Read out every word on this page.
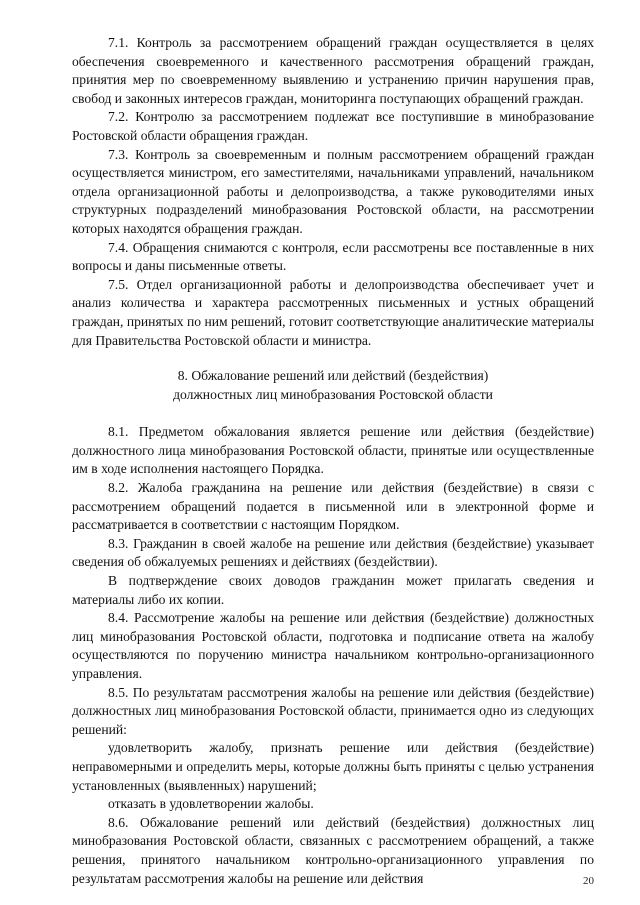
7.1. Контроль за рассмотрением обращений граждан осуществляется в целях обеспечения своевременного и качественного рассмотрения обращений граждан, принятия мер по своевременному выявлению и устранению причин нарушения прав, свобод и законных интересов граждан, мониторинга поступающих обращений граждан.

7.2. Контролю за рассмотрением подлежат все поступившие в минобразование Ростовской области обращения граждан.

7.3. Контроль за своевременным и полным рассмотрением обращений граждан осуществляется министром, его заместителями, начальниками управлений, начальником отдела организационной работы и делопроизводства, а также руководителями иных структурных подразделений минобразования Ростовской области, на рассмотрении которых находятся обращения граждан.

7.4. Обращения снимаются с контроля, если рассмотрены все поставленные в них вопросы и даны письменные ответы.

7.5. Отдел организационной работы и делопроизводства обеспечивает учет и анализ количества и характера рассмотренных письменных и устных обращений граждан, принятых по ним решений, готовит соответствующие аналитические материалы для Правительства Ростовской области и министра.

8. Обжалование решений или действий (бездействия)
должностных лиц минобразования Ростовской области

8.1. Предметом обжалования является решение или действия (бездействие) должностного лица минобразования Ростовской области, принятые или осуществленные им в ходе исполнения настоящего Порядка.

8.2. Жалоба гражданина на решение или действия (бездействие) в связи с рассмотрением обращений подается в письменной или в электронной форме и рассматривается в соответствии с настоящим Порядком.

8.3. Гражданин в своей жалобе на решение или действия (бездействие) указывает сведения об обжалуемых решениях и действиях (бездействии).

В подтверждение своих доводов гражданин может прилагать сведения и материалы либо их копии.

8.4. Рассмотрение жалобы на решение или действия (бездействие) должностных лиц минобразования Ростовской области, подготовка и подписание ответа на жалобу осуществляются по поручению министра начальником контрольно-организационного управления.

8.5. По результатам рассмотрения жалобы на решение или действия (бездействие) должностных лиц минобразования Ростовской области, принимается одно из следующих решений:

удовлетворить жалобу, признать решение или действия (бездействие) неправомерными и определить меры, которые должны быть приняты с целью устранения установленных (выявленных) нарушений;

отказать в удовлетворении жалобы.

8.6. Обжалование решений или действий (бездействия) должностных лиц минобразования Ростовской области, связанных с рассмотрением обращений, а также решения, принятого начальником контрольно-организационного управления по результатам рассмотрения жалобы на решение или действия	20
